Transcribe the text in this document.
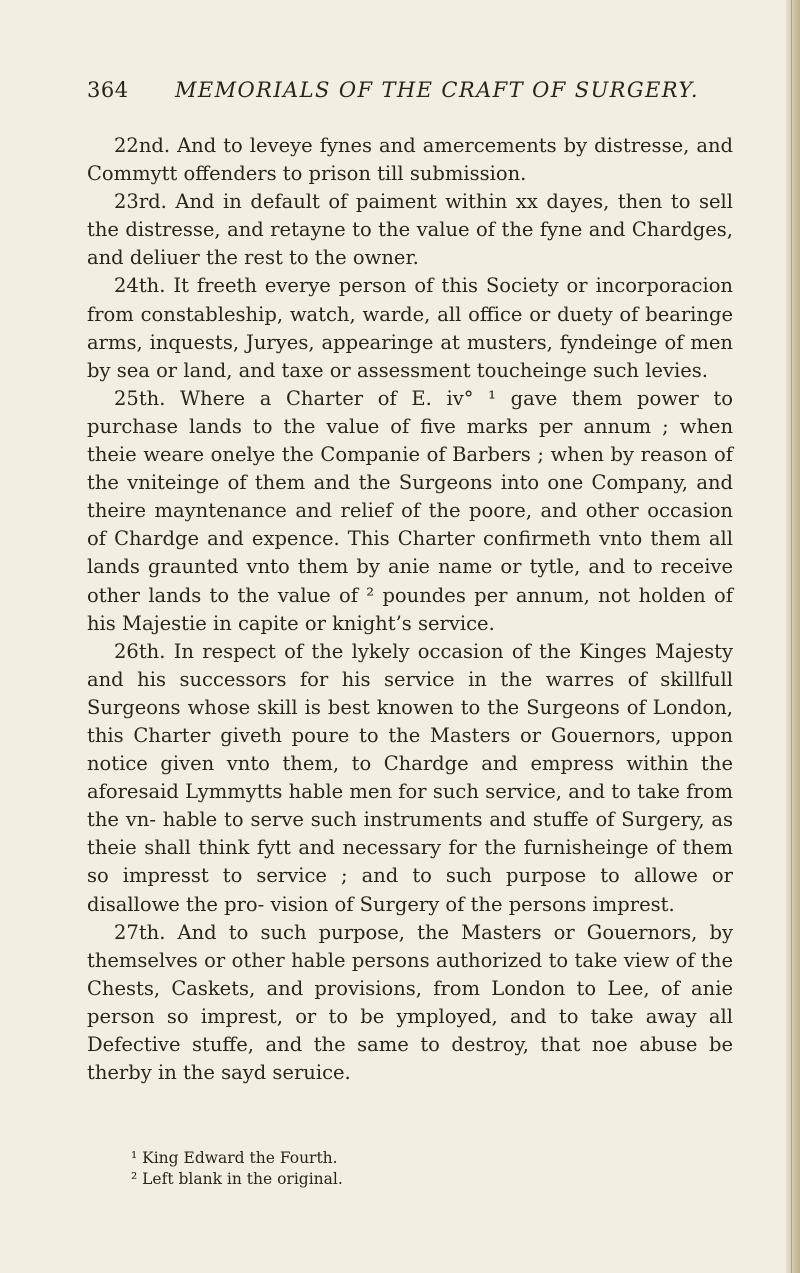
364 MEMORIALS OF THE CRAFT OF SURGERY.

22nd. And to leveye fynes and amercements by distresse, and Commytt offenders to prison till submission.

23rd. And in default of paiment within xx dayes, then to sell the distresse, and retayne to the value of the fyne and Chardges, and deliuer the rest to the owner.

24th. It freeth everye person of this Society or incorporacion from constableship, watch, warde, all office or duety of bearinge arms, inquests, Juryes, appearinge at musters, fyndeinge of men by sea or land, and taxe or assessment toucheinge such levies.

25th. Where a Charter of E. iv° ¹ gave them power to purchase lands to the value of five marks per annum ; when theie weare onelye the Companie of Barbers ; when by reason of the vniteinge of them and the Surgeons into one Company, and theire mayntenance and relief of the poore, and other occasion of Chardge and expence. This Charter confirmeth vnto them all lands graunted vnto them by anie name or tytle, and to receive other lands to the value of ² poundes per annum, not holden of his Majestie in capite or knight’s service.

26th. In respect of the lykely occasion of the Kinges Majesty and his successors for his service in the warres of skillfull Surgeons whose skill is best knowen to the Surgeons of London, this Charter giveth poure to the Masters or Gouernors, uppon notice given vnto them, to Chardge and empress within the aforesaid Lymmytts hable men for such service, and to take from the vn- hable to serve such instruments and stuffe of Surgery, as theie shall think fytt and necessary for the furnisheinge of them so impresst to service ; and to such purpose to allowe or disallowe the pro- vision of Surgery of the persons imprest.

27th. And to such purpose, the Masters or Gouernors, by themselves or other hable persons authorized to take view of the Chests, Caskets, and provisions, from London to Lee, of anie person so imprest, or to be ymployed, and to take away all Defective stuffe, and the same to destroy, that noe abuse be therby in the sayd seruice.

¹ King Edward the Fourth.

² Left blank in the original.
